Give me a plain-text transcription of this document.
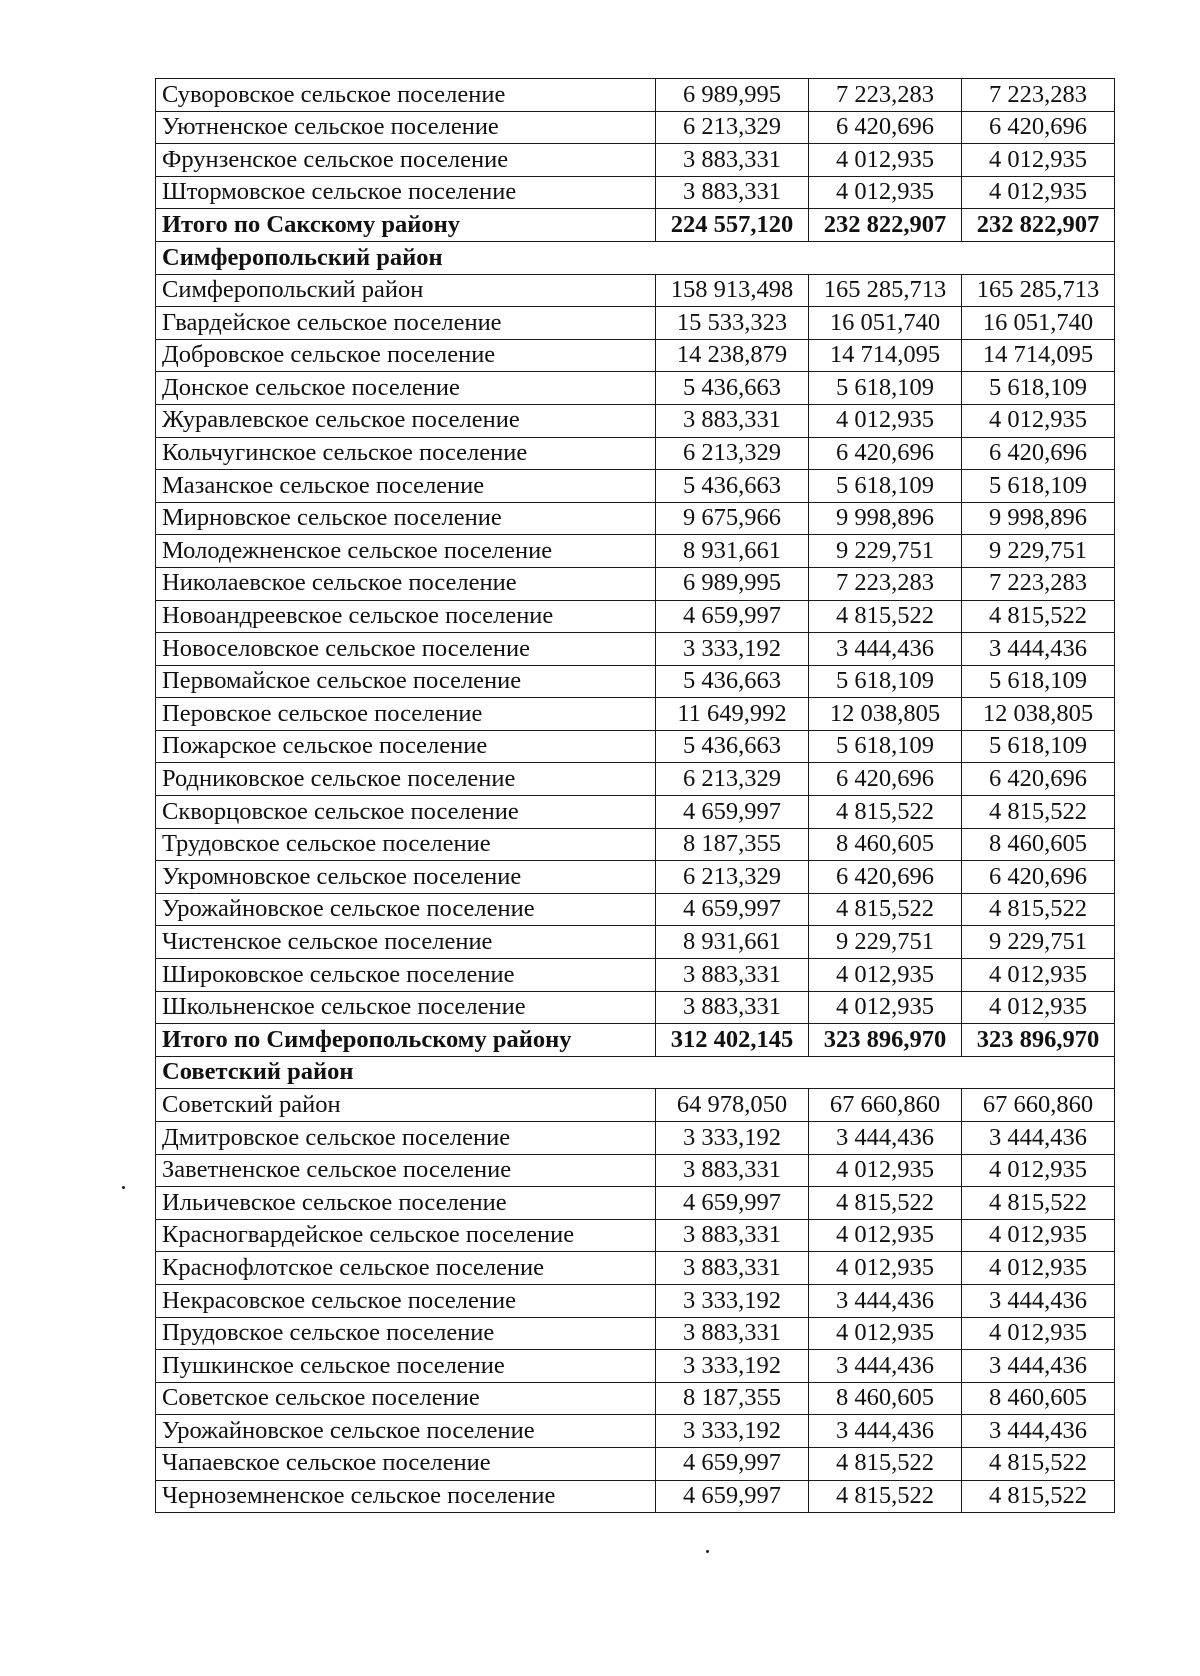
Суворовское сельское поселение	6 989,995	7 223,283	7 223,283
Уютненское сельское поселение	6 213,329	6 420,696	6 420,696
Фрунзенское сельское поселение	3 883,331	4 012,935	4 012,935
Штормовское сельское поселение	3 883,331	4 012,935	4 012,935
Итого по Сакскому району	224 557,120	232 822,907	232 822,907
Симферопольский район			
Симферопольский район	158 913,498	165 285,713	165 285,713
Гвардейское сельское поселение	15 533,323	16 051,740	16 051,740
Добровское сельское поселение	14 238,879	14 714,095	14 714,095
Донское сельское поселение	5 436,663	5 618,109	5 618,109
Журавлевское сельское поселение	3 883,331	4 012,935	4 012,935
Кольчугинское сельское поселение	6 213,329	6 420,696	6 420,696
Мазанское сельское поселение	5 436,663	5 618,109	5 618,109
Мирновское сельское поселение	9 675,966	9 998,896	9 998,896
Молодежненское сельское поселение	8 931,661	9 229,751	9 229,751
Николаевское сельское поселение	6 989,995	7 223,283	7 223,283
Новоандреевское сельское поселение	4 659,997	4 815,522	4 815,522
Новоселовское сельское поселение	3 333,192	3 444,436	3 444,436
Первомайское сельское поселение	5 436,663	5 618,109	5 618,109
Перовское сельское поселение	11 649,992	12 038,805	12 038,805
Пожарское сельское поселение	5 436,663	5 618,109	5 618,109
Родниковское сельское поселение	6 213,329	6 420,696	6 420,696
Скворцовское сельское поселение	4 659,997	4 815,522	4 815,522
Трудовское сельское поселение	8 187,355	8 460,605	8 460,605
Укромновское сельское поселение	6 213,329	6 420,696	6 420,696
Урожайновское сельское поселение	4 659,997	4 815,522	4 815,522
Чистенское сельское поселение	8 931,661	9 229,751	9 229,751
Широковское сельское поселение	3 883,331	4 012,935	4 012,935
Школьненское сельское поселение	3 883,331	4 012,935	4 012,935
Итого по Симферопольскому району	312 402,145	323 896,970	323 896,970
Советский район			
Советский район	64 978,050	67 660,860	67 660,860
Дмитровское сельское поселение	3 333,192	3 444,436	3 444,436
Заветненское сельское поселение	3 883,331	4 012,935	4 012,935
Ильичевское сельское поселение	4 659,997	4 815,522	4 815,522
Красногвардейское сельское поселение	3 883,331	4 012,935	4 012,935
Краснофлотское сельское поселение	3 883,331	4 012,935	4 012,935
Некрасовское сельское поселение	3 333,192	3 444,436	3 444,436
Прудовское сельское поселение	3 883,331	4 012,935	4 012,935
Пушкинское сельское поселение	3 333,192	3 444,436	3 444,436
Советское сельское поселение	8 187,355	8 460,605	8 460,605
Урожайновское сельское поселение	3 333,192	3 444,436	3 444,436
Чапаевское сельское поселение	4 659,997	4 815,522	4 815,522
Черноземненское сельское поселение	4 659,997	4 815,522	4 815,522
